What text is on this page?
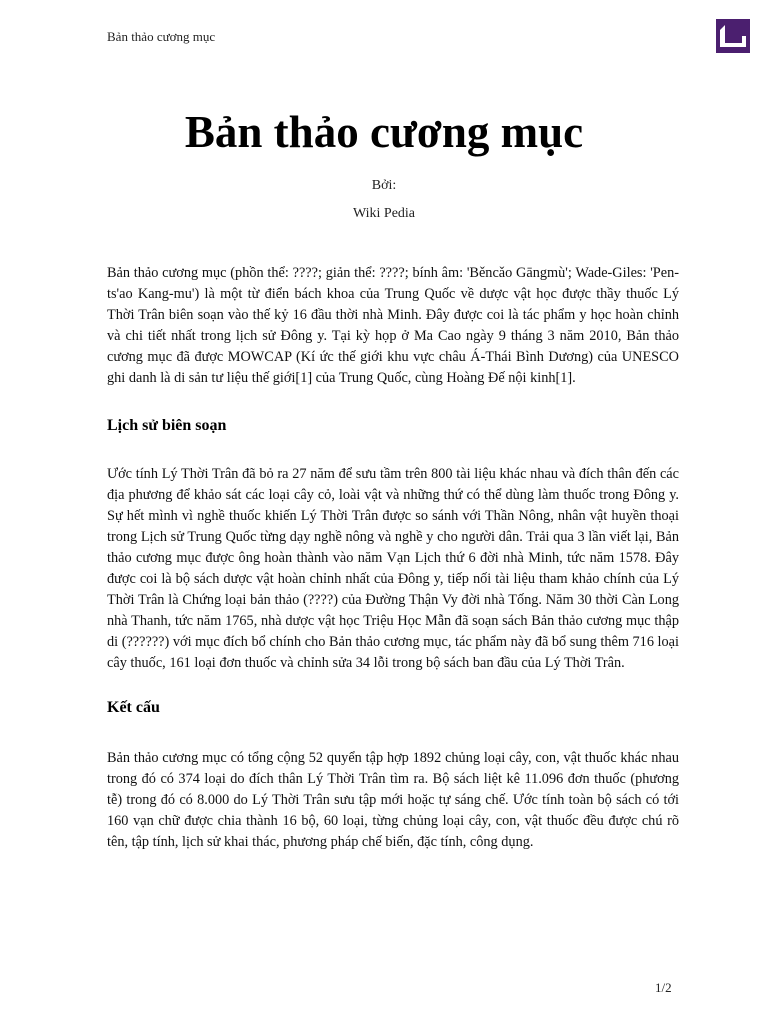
Bản thảo cương mục
Bản thảo cương mục
Bởi:
Wiki Pedia

Bản thảo cương mục (phồn thể: ????; giản thể: ????; bính âm: 'Běncǎo Gāngmù'; Wade-Giles: 'Pen-ts'ao Kang-mu') là một từ điển bách khoa của Trung Quốc về dược vật học được thầy thuốc Lý Thời Trân biên soạn vào thế kỷ 16 đầu thời nhà Minh. Đây được coi là tác phẩm y học hoàn chỉnh và chi tiết nhất trong lịch sử Đông y. Tại kỳ họp ở Ma Cao ngày 9 tháng 3 năm 2010, Bản thảo cương mục đã được MOWCAP (Kí ức thế giới khu vực châu Á-Thái Bình Dương) của UNESCO ghi danh là di sản tư liệu thế giới[1] của Trung Quốc, cùng Hoàng Đế nội kinh[1].

Lịch sử biên soạn

Ước tính Lý Thời Trân đã bỏ ra 27 năm để sưu tầm trên 800 tài liệu khác nhau và đích thân đến các địa phương để khảo sát các loại cây cỏ, loài vật và những thứ có thể dùng làm thuốc trong Đông y. Sự hết mình vì nghề thuốc khiến Lý Thời Trân được so sánh với Thần Nông, nhân vật huyền thoại trong Lịch sử Trung Quốc từng dạy nghề nông và nghề y cho người dân. Trải qua 3 lần viết lại, Bản thảo cương mục được ông hoàn thành vào năm Vạn Lịch thứ 6 đời nhà Minh, tức năm 1578. Đây được coi là bộ sách dược vật hoàn chỉnh nhất của Đông y, tiếp nối tài liệu tham khảo chính của Lý Thời Trân là Chứng loại bản thảo (????) của Đường Thận Vy đời nhà Tống. Năm 30 thời Càn Long nhà Thanh, tức năm 1765, nhà dược vật học Triệu Học Mẫn đã soạn sách Bản thảo cương mục thập di (??????) với mục đích bổ chính cho Bản thảo cương mục, tác phẩm này đã bổ sung thêm 716 loại cây thuốc, 161 loại đơn thuốc và chỉnh sửa 34 lỗi trong bộ sách ban đầu của Lý Thời Trân.

Kết cấu

Bản thảo cương mục có tổng cộng 52 quyển tập hợp 1892 chủng loại cây, con, vật thuốc khác nhau trong đó có 374 loại do đích thân Lý Thời Trân tìm ra. Bộ sách liệt kê 11.096 đơn thuốc (phương tễ) trong đó có 8.000 do Lý Thời Trân sưu tập mới hoặc tự sáng chế. Ước tính toàn bộ sách có tới 160 vạn chữ được chia thành 16 bộ, 60 loại, từng chủng loại cây, con, vật thuốc đều được chú rõ tên, tập tính, lịch sử khai thác, phương pháp chế biến, đặc tính, công dụng.

1/2
